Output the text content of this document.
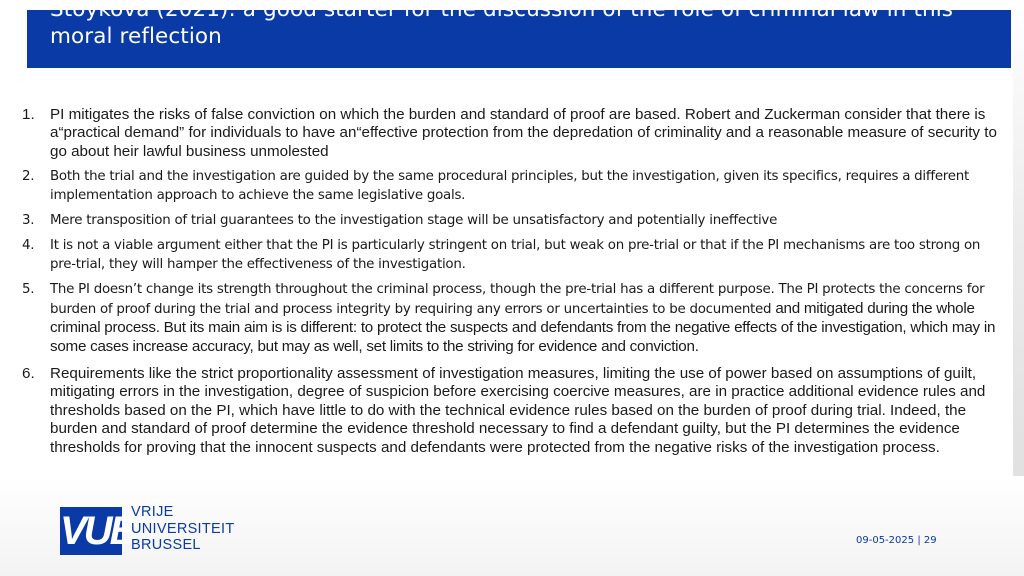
Stoykova (2021): a good starter for the discussion of the role of criminal law in this moral reflection
1. PI mitigates the risks of false conviction on which the burden and standard of proof are based. Robert and Zuckerman consider that there is a“practical demand” for individuals to have an“effective protection from the depredation of criminality and a reasonable measure of security to go about heir lawful business unmolested
2. Both the trial and the investigation are guided by the same procedural principles, but the investigation, given its specifics, requires a different implementation approach to achieve the same legislative goals.
3. Mere transposition of trial guarantees to the investigation stage will be unsatisfactory and potentially ineffective
4. It is not a viable argument either that the PI is particularly stringent on trial, but weak on pre-trial or that if the PI mechanisms are too strong on pre-trial, they will hamper the effectiveness of the investigation.
5. The PI doesn’t change its strength throughout the criminal process, though the pre-trial has a different purpose. The PI protects the concerns for burden of proof during the trial and process integrity by requiring any errors or uncertainties to be documented and mitigated during the whole criminal process. But its main aim is is different: to protect the suspects and defendants from the negative effects of the investigation, which may in some cases increase accuracy, but may as well, set limits to the striving for evidence and conviction.
6. Requirements like the strict proportionality assessment of investigation measures, limiting the use of power based on assumptions of guilt, mitigating errors in the investigation, degree of suspicion before exercising coercive measures, are in practice additional evidence rules and thresholds based on the PI, which have little to do with the technical evidence rules based on the burden of proof during trial. Indeed, the burden and standard of proof determine the evidence threshold necessary to find a defendant guilty, but the PI determines the evidence thresholds for proving that the innocent suspects and defendants were protected from the negative risks of the investigation process.
VUB
VRIJE
UNIVERSITEIT
BRUSSEL	09-05-2025 | 29
